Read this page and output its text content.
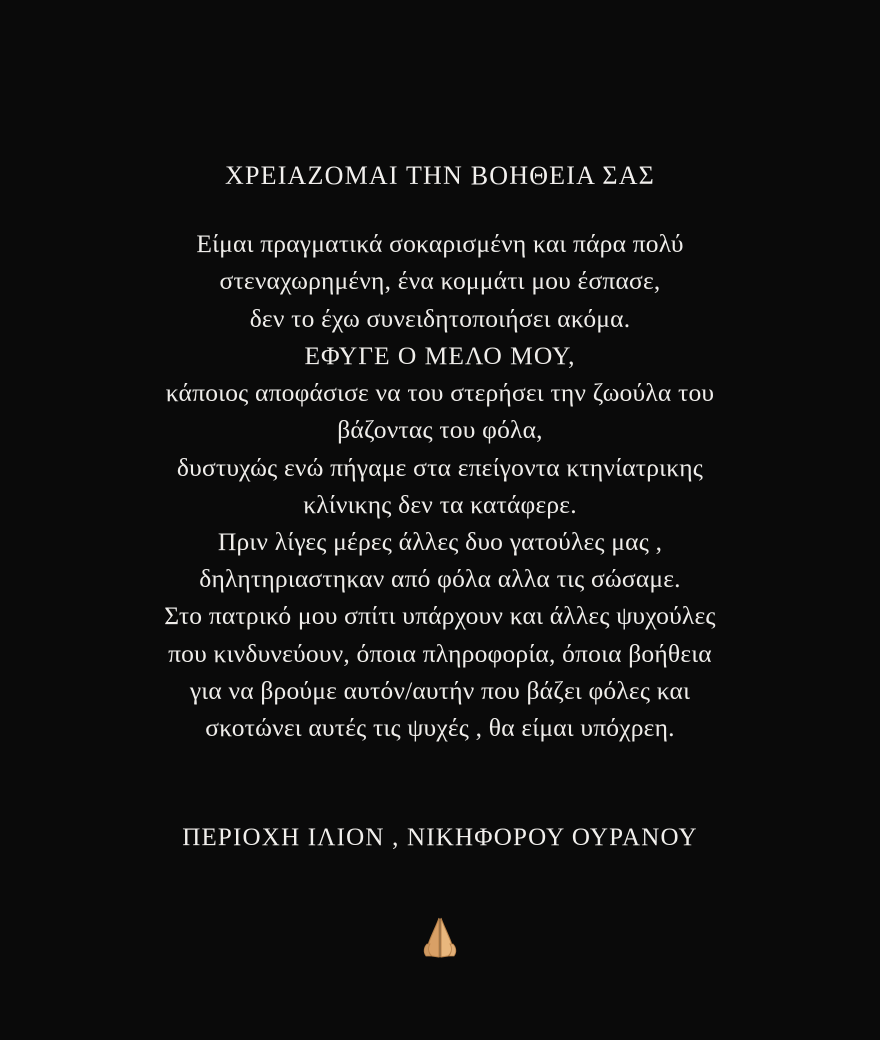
ΧΡΕΙΑΖΟΜΑΙ ΤΗΝ ΒΟΗΘΕΙΑ ΣΑΣ
Είμαι πραγματικά σοκαρισμένη και πάρα πολύ
στεναχωρημένη, ένα κομμάτι μου έσπασε,
δεν το έχω συνειδητοποιήσει ακόμα.
ΕΦΥΓΕ Ο ΜΕΛΟ ΜΟΥ,
κάποιος αποφάσισε να του στερήσει την ζωούλα του
βάζοντας του φόλα,
δυστυχώς ενώ πήγαμε στα επείγοντα κτηνίατρικης
κλίνικης δεν τα κατάφερε.
Πριν λίγες μέρες άλλες δυο γατούλες μας ,
δηλητηριαστηκαν από φόλα αλλα τις σώσαμε.
Στο πατρικό μου σπίτι υπάρχουν και άλλες ψυχούλες
που κινδυνεύουν, όποια πληροφορία, όποια βοήθεια
για να βρούμε αυτόν/αυτήν που βάζει φόλες και
σκοτώνει αυτές τις ψυχές , θα είμαι υπόχρεη.
ΠΕΡΙΟΧΗ ΙΛΙΟΝ , ΝΙΚΗΦΟΡΟΥ ΟΥΡΑΝΟΥ
